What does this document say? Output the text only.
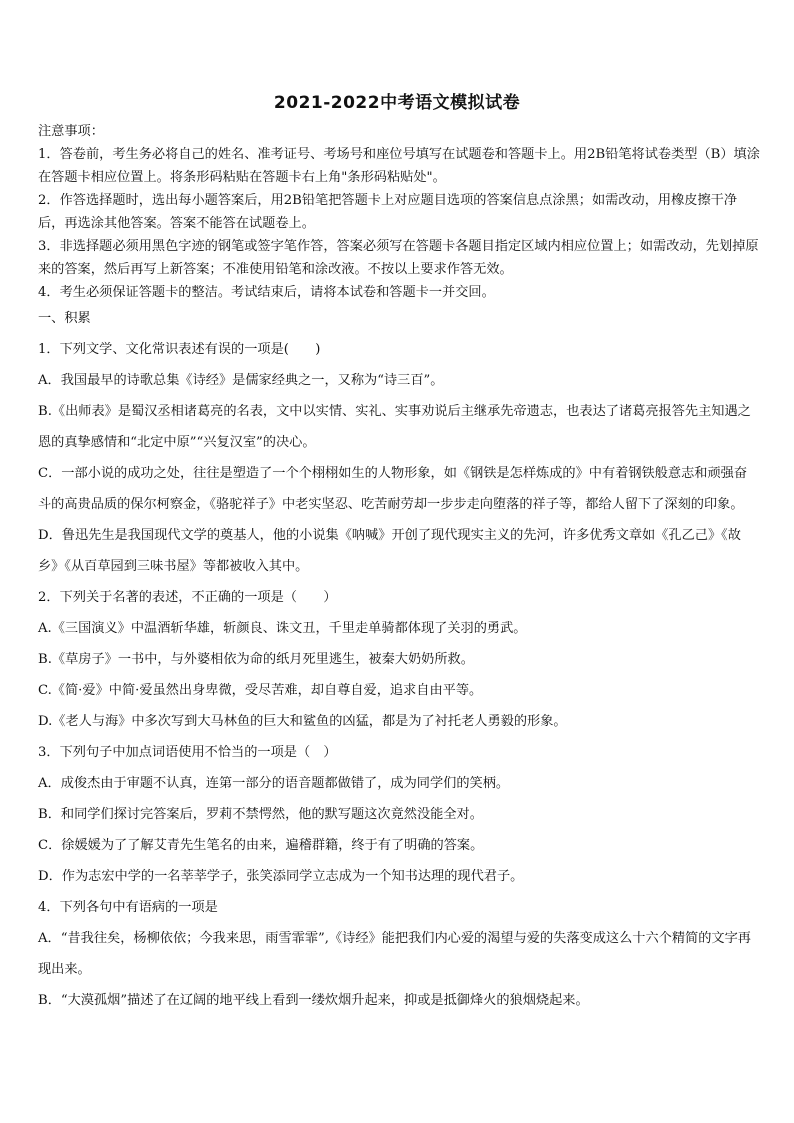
2021-2022中考语文模拟试卷

注意事项：

1．答卷前，考生务必将自己的姓名、准考证号、考场号和座位号填写在试题卷和答题卡上。用2B铅笔将试卷类型（B）填涂在答题卡相应位置上。将条形码粘贴在答题卡右上角"条形码粘贴处"。

2．作答选择题时，选出每小题答案后，用2B铅笔把答题卡上对应题目选项的答案信息点涂黑；如需改动，用橡皮擦干净后，再选涂其他答案。答案不能答在试题卷上。

3．非选择题必须用黑色字迹的钢笔或签字笔作答，答案必须写在答题卡各题目指定区域内相应位置上；如需改动，先划掉原来的答案，然后再写上新答案；不准使用铅笔和涂改液。不按以上要求作答无效。

4．考生必须保证答题卡的整洁。考试结束后，请将本试卷和答题卡一并交回。

一、积累

1．下列文学、文化常识表述有误的一项是(　　)

A．我国最早的诗歌总集《诗经》是儒家经典之一，又称为“诗三百”。

B.《出师表》是蜀汉丞相诸葛亮的名表，文中以实情、实礼、实事劝说后主继承先帝遗志，也表达了诸葛亮报答先主知遇之恩的真挚感情和“北定中原”“兴复汉室”的决心。

C．一部小说的成功之处，往往是塑造了一个个栩栩如生的人物形象，如《钢铁是怎样炼成的》中有着钢铁般意志和顽强奋斗的高贵品质的保尔柯察金，《骆驼祥子》中老实坚忍、吃苦耐劳却一步步走向堕落的祥子等，都给人留下了深刻的印象。

D．鲁迅先生是我国现代文学的奠基人，他的小说集《呐喊》开创了现代现实主义的先河，许多优秀文章如《孔乙己》《故乡》《从百草园到三味书屋》等都被收入其中。

2．下列关于名著的表述，不正确的一项是（　　）

A.《三国演义》中温酒斩华雄，斩颜良、诛文丑，千里走单骑都体现了关羽的勇武。

B.《草房子》一书中，与外婆相依为命的纸月死里逃生，被秦大奶奶所救。

C.《简·爱》中简·爱虽然出身卑微，受尽苦难，却自尊自爱，追求自由平等。

D.《老人与海》中多次写到大马林鱼的巨大和鲨鱼的凶猛，都是为了衬托老人勇毅的形象。

3．下列句子中加点词语使用不恰当的一项是（　）

A．成俊杰由于审题不认真，连第一部分的语音题都做错了，成为同学们的笑柄。

B．和同学们探讨完答案后，罗莉不禁愕然，他的默写题这次竟然没能全对。

C．徐媛媛为了了解艾青先生笔名的由来，遍稽群籍，终于有了明确的答案。

D．作为志宏中学的一名莘莘学子，张笑添同学立志成为一个知书达理的现代君子。

4．下列各句中有语病的一项是

A．“昔我往矣，杨柳依依；今我来思，雨雪霏霏”,《诗经》能把我们内心爱的渴望与爱的失落变成这么十六个精简的文字再现出来。

B．“大漠孤烟”描述了在辽阔的地平线上看到一缕炊烟升起来，抑或是抵御烽火的狼烟烧起来。
